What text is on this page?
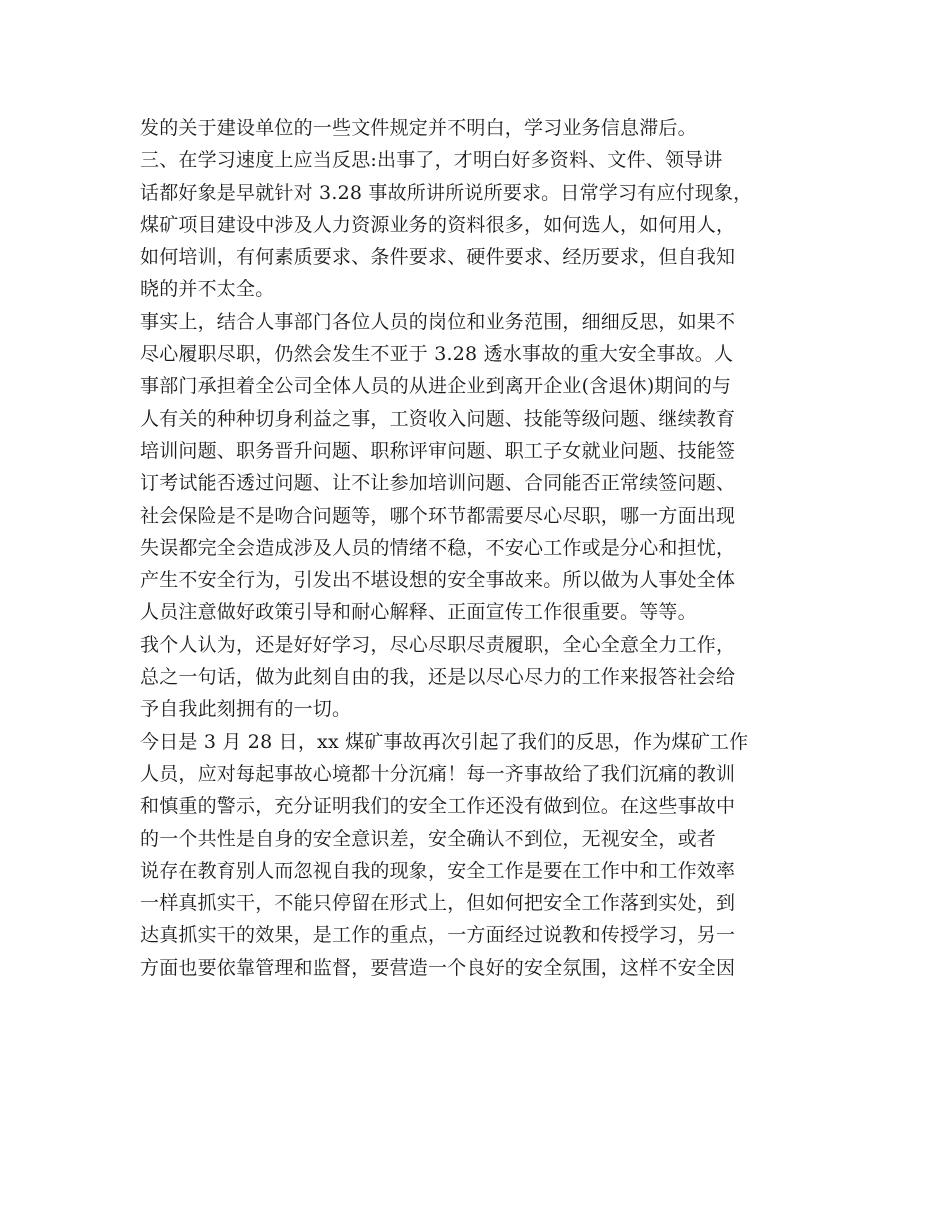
发的关于建设单位的一些文件规定并不明白，学习业务信息滞后。
三、在学习速度上应当反思:出事了，才明白好多资料、文件、领导讲
话都好象是早就针对 3.28 事故所讲所说所要求。日常学习有应付现象，
煤矿项目建设中涉及人力资源业务的资料很多，如何选人，如何用人，
如何培训，有何素质要求、条件要求、硬件要求、经历要求，但自我知
晓的并不太全。
事实上，结合人事部门各位人员的岗位和业务范围，细细反思，如果不
尽心履职尽职，仍然会发生不亚于 3.28 透水事故的重大安全事故。人
事部门承担着全公司全体人员的从进企业到离开企业(含退休)期间的与
人有关的种种切身利益之事，工资收入问题、技能等级问题、继续教育
培训问题、职务晋升问题、职称评审问题、职工子女就业问题、技能签
订考试能否透过问题、让不让参加培训问题、合同能否正常续签问题、
社会保险是不是吻合问题等，哪个环节都需要尽心尽职，哪一方面出现
失误都完全会造成涉及人员的情绪不稳，不安心工作或是分心和担忧，
产生不安全行为，引发出不堪设想的安全事故来。所以做为人事处全体
人员注意做好政策引导和耐心解释、正面宣传工作很重要。等等。
我个人认为，还是好好学习，尽心尽职尽责履职，全心全意全力工作，
总之一句话，做为此刻自由的我，还是以尽心尽力的工作来报答社会给
予自我此刻拥有的一切。
今日是 3 月 28 日，xx 煤矿事故再次引起了我们的反思，作为煤矿工作
人员，应对每起事故心境都十分沉痛！每一齐事故给了我们沉痛的教训
和慎重的警示，充分证明我们的安全工作还没有做到位。在这些事故中
的一个共性是自身的安全意识差，安全确认不到位，无视安全，或者
说存在教育别人而忽视自我的现象，安全工作是要在工作中和工作效率
一样真抓实干，不能只停留在形式上，但如何把安全工作落到实处，到
达真抓实干的效果，是工作的重点，一方面经过说教和传授学习，另一
方面也要依靠管理和监督，要营造一个良好的安全氛围，这样不安全因
